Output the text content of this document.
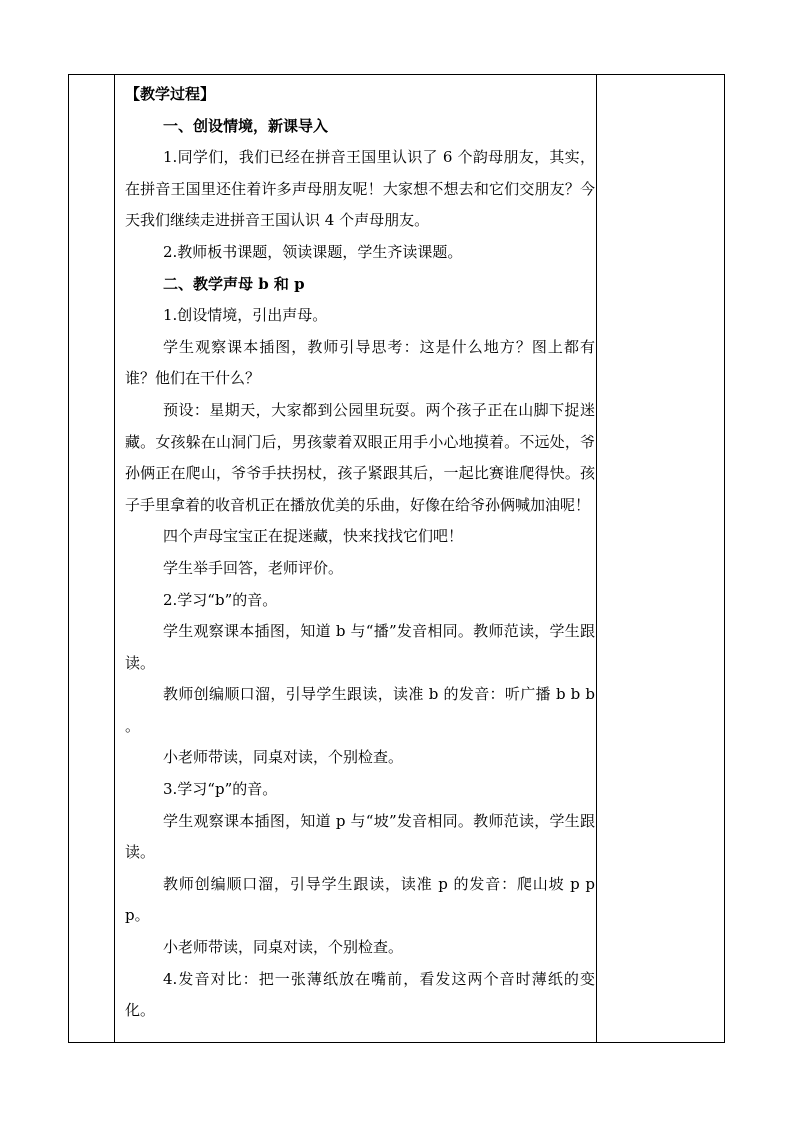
【教学过程】

一、创设情境，新课导入

1.同学们，我们已经在拼音王国里认识了 6 个韵母朋友，其实，在拼音王国里还住着许多声母朋友呢！大家想不想去和它们交朋友？今天我们继续走进拼音王国认识 4 个声母朋友。

2.教师板书课题，领读课题，学生齐读课题。

二、教学声母 b 和 p

1.创设情境，引出声母。

学生观察课本插图，教师引导思考：这是什么地方？图上都有谁？他们在干什么？

预设：星期天，大家都到公园里玩耍。两个孩子正在山脚下捉迷藏。女孩躲在山洞门后，男孩蒙着双眼正用手小心地摸着。不远处，爷孙俩正在爬山，爷爷手扶拐杖，孩子紧跟其后，一起比赛谁爬得快。孩子手里拿着的收音机正在播放优美的乐曲，好像在给爷孙俩喊加油呢！

四个声母宝宝正在捉迷藏，快来找找它们吧！

学生举手回答，老师评价。

2.学习“b”的音。

学生观察课本插图，知道 b 与“播”发音相同。教师范读，学生跟读。

教师创编顺口溜，引导学生跟读，读准 b 的发音：听广播 b b b 。

小老师带读，同桌对读，个别检查。

3.学习“p”的音。

学生观察课本插图，知道 p 与“坡”发音相同。教师范读，学生跟读。

教师创编顺口溜，引导学生跟读，读准 p 的发音：爬山坡 p p p。

小老师带读，同桌对读，个别检查。

4.发音对比：把一张薄纸放在嘴前，看发这两个音时薄纸的变化。
